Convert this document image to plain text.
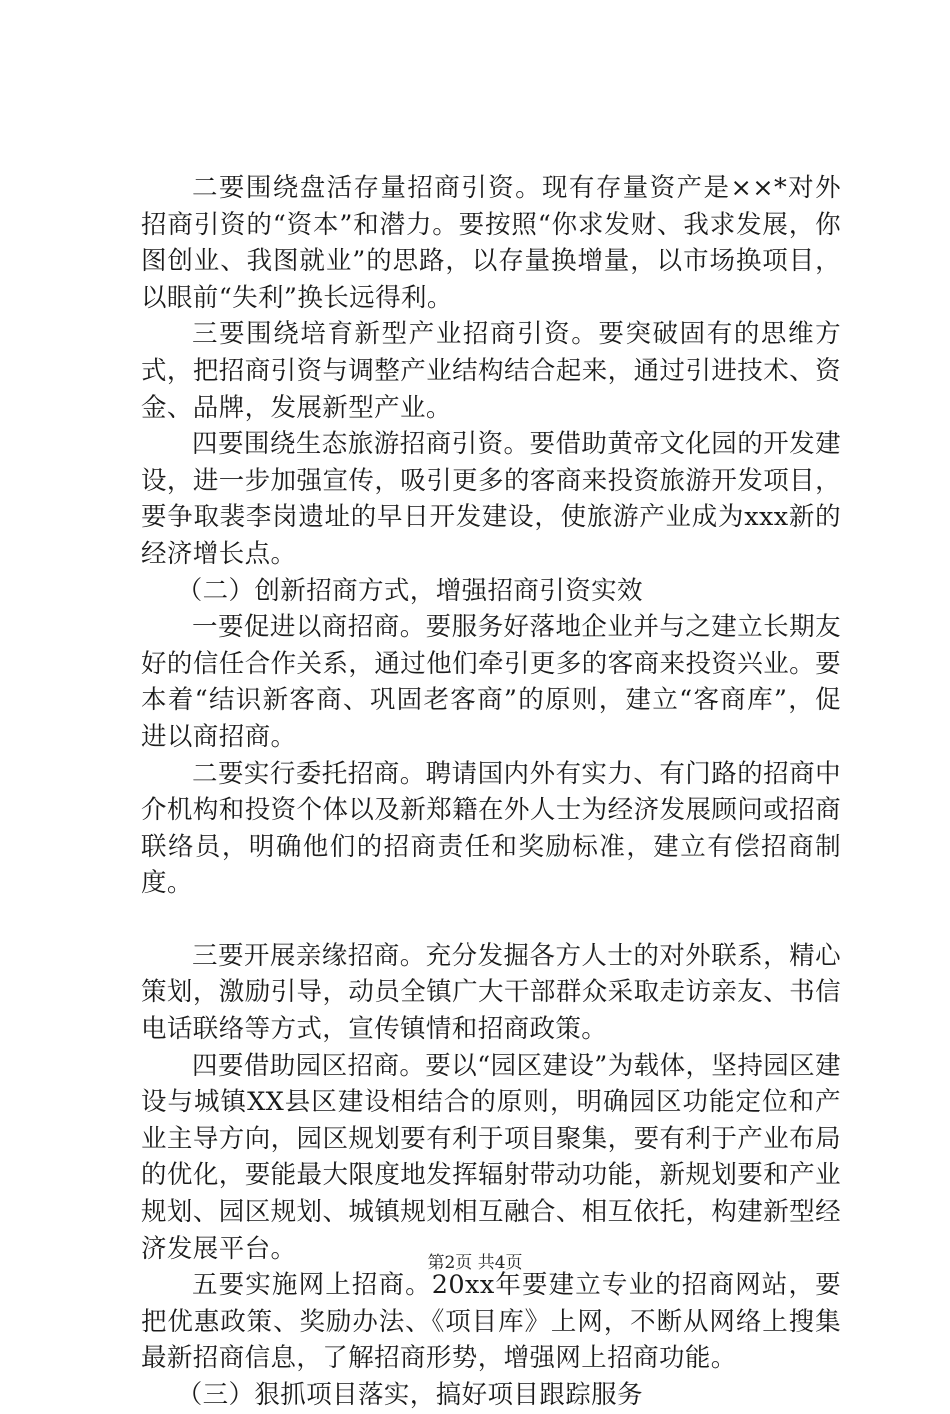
二要围绕盘活存量招商引资。现有存量资产是××*对外招商引资的“资本”和潜力。要按照“你求发财、我求发展，你图创业、我图就业”的思路，以存量换增量，以市场换项目，以眼前“失利”换长远得利。

三要围绕培育新型产业招商引资。要突破固有的思维方式，把招商引资与调整产业结构结合起来，通过引进技术、资金、品牌，发展新型产业。

四要围绕生态旅游招商引资。要借助黄帝文化园的开发建设，进一步加强宣传，吸引更多的客商来投资旅游开发项目，要争取裴李岗遗址的早日开发建设，使旅游产业成为xxx新的经济增长点。

（二）创新招商方式，增强招商引资实效

一要促进以商招商。要服务好落地企业并与之建立长期友好的信任合作关系，通过他们牵引更多的客商来投资兴业。要本着“结识新客商、巩固老客商”的原则，建立“客商库”，促进以商招商。

二要实行委托招商。聘请国内外有实力、有门路的招商中介机构和投资个体以及新郑籍在外人士为经济发展顾问或招商联络员，明确他们的招商责任和奖励标准，建立有偿招商制度。

三要开展亲缘招商。充分发掘各方人士的对外联系，精心策划，激励引导，动员全镇广大干部群众采取走访亲友、书信电话联络等方式，宣传镇情和招商政策。

四要借助园区招商。要以“园区建设”为载体，坚持园区建设与城镇XX县区建设相结合的原则，明确园区功能定位和产业主导方向，园区规划要有利于项目聚集，要有利于产业布局的优化，要能最大限度地发挥辐射带动功能，新规划要和产业规划、园区规划、城镇规划相互融合、相互依托，构建新型经济发展平台。

五要实施网上招商。20xx年要建立专业的招商网站，要把优惠政策、奖励办法、《项目库》上网，不断从网络上搜集最新招商信息，了解招商形势，增强网上招商功能。

（三）狠抓项目落实，搞好项目跟踪服务

第2页 共4页
